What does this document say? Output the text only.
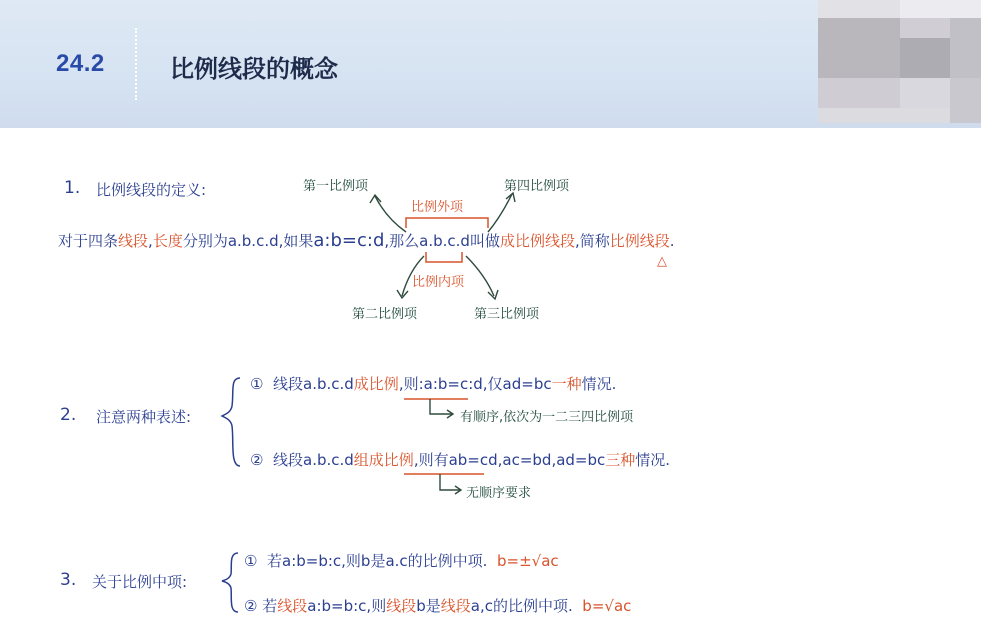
24.2	比例线段的概念
1. 比例线段的定义:	第一比例项	第四比例项
比例外项
对于四条线段,长度分别为a.b.c.d,如果a:b=c:d,那么a.b.c.d叫做成比例线段,简称比例线段.
△
比例内项
第二比例项	第三比例项
2. 注意两种表述:
① 线段a.b.c.d成比例,则:a:b=c:d,仅ad=bc一种情况.
有顺序,依次为一二三四比例项
② 线段a.b.c.d组成比例,则有ab=cd,ac=bd,ad=bc三种情况.
无顺序要求
3. 关于比例中项:
① 若a:b=b:c,则b是a.c的比例中项. b=±√ac
② 若线段a:b=b:c,则线段b是线段a,c的比例中项. b=√ac
